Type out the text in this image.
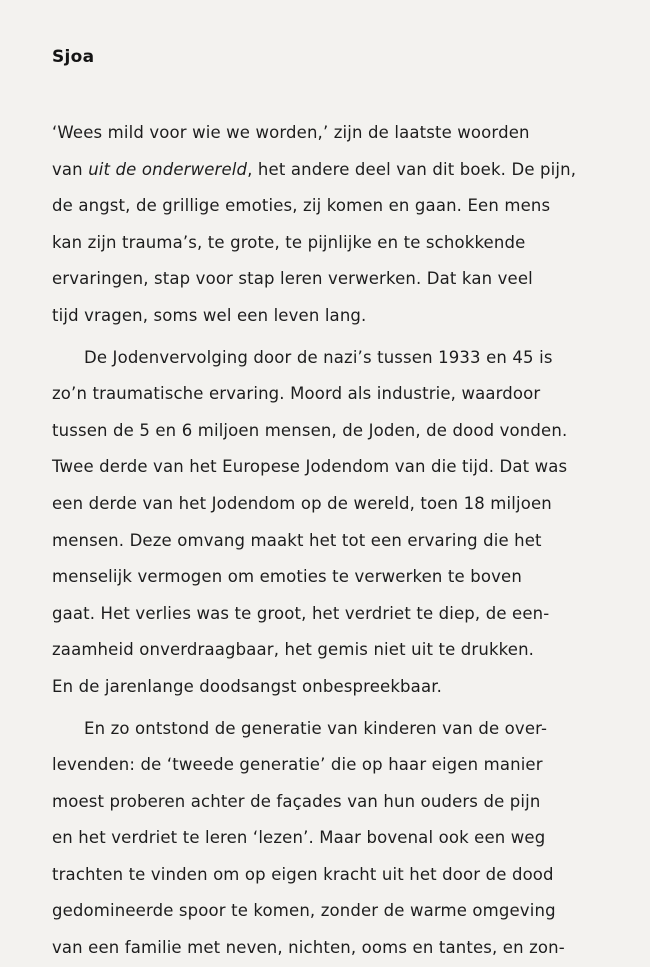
Sjoa
‘Wees mild voor wie we worden,’ zijn de laatste woorden
van uit de onderwereld, het andere deel van dit boek. De pijn,
de angst, de grillige emoties, zij komen en gaan. Een mens
kan zijn trauma’s, te grote, te pijnlijke en te schokkende
ervaringen, stap voor stap leren verwerken. Dat kan veel
tijd vragen, soms wel een leven lang.
De Jodenvervolging door de nazi’s tussen 1933 en 45 is
zo’n traumatische ervaring. Moord als industrie, waardoor
tussen de 5 en 6 miljoen mensen, de Joden, de dood vonden.
Twee derde van het Europese Jodendom van die tijd. Dat was
een derde van het Jodendom op de wereld, toen 18 miljoen
mensen. Deze omvang maakt het tot een ervaring die het
menselijk vermogen om emoties te verwerken te boven
gaat. Het verlies was te groot, het verdriet te diep, de een-
zaamheid onverdraagbaar, het gemis niet uit te drukken.
En de jarenlange doodsangst onbespreekbaar.
En zo ontstond de generatie van kinderen van de over-
levenden: de ‘tweede generatie’ die op haar eigen manier
moest proberen achter de façades van hun ouders de pijn
en het verdriet te leren ‘lezen’. Maar bovenal ook een weg
trachten te vinden om op eigen kracht uit het door de dood
gedomineerde spoor te komen, zonder de warme omgeving
van een familie met neven, nichten, ooms en tantes, en zon-
